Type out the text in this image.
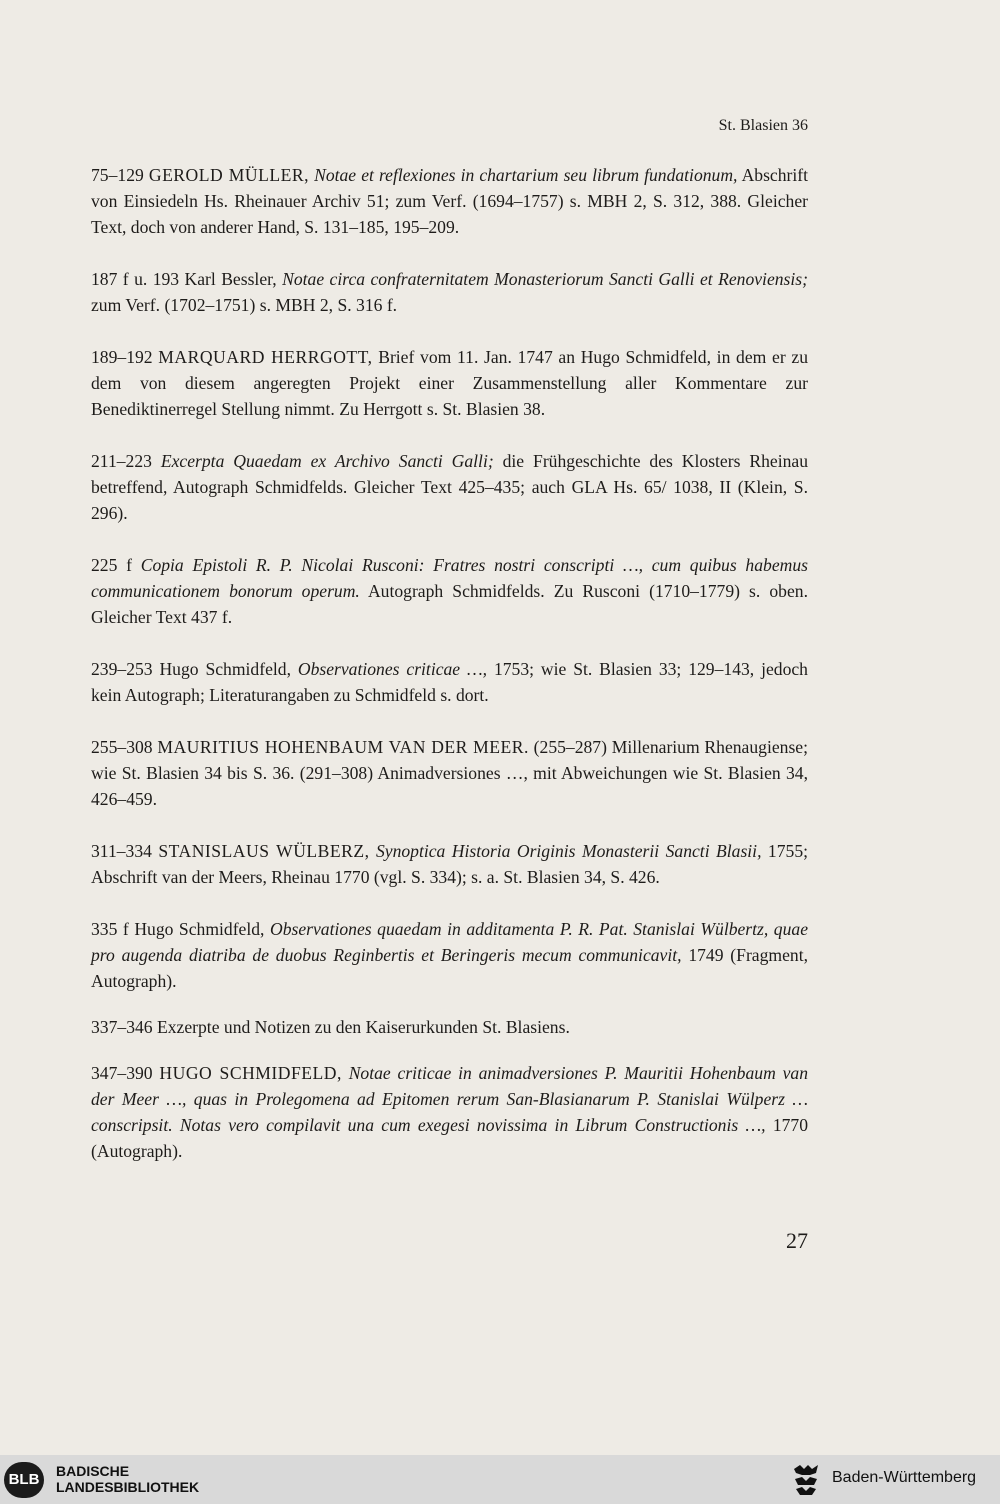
St. Blasien 36

75–129 GEROLD MÜLLER, Notae et reflexiones in chartarium seu librum fundationum, Abschrift von Einsiedeln Hs. Rheinauer Archiv 51; zum Verf. (1694–1757) s. MBH 2, S. 312, 388. Gleicher Text, doch von anderer Hand, S. 131–185, 195–209.

187 f u. 193 Karl Bessler, Notae circa confraternitatem Monasteriorum Sancti Galli et Renoviensis; zum Verf. (1702–1751) s. MBH 2, S. 316 f.

189–192 MARQUARD HERRGOTT, Brief vom 11. Jan. 1747 an Hugo Schmidfeld, in dem er zu dem von diesem angeregten Projekt einer Zusammenstellung aller Kommentare zur Benediktinerregel Stellung nimmt. Zu Herrgott s. St. Blasien 38.

211–223 Excerpta Quaedam ex Archivo Sancti Galli; die Frühgeschichte des Klosters Rheinau betreffend, Autograph Schmidfelds. Gleicher Text 425–435; auch GLA Hs. 65/ 1038, II (Klein, S. 296).

225 f Copia Epistoli R. P. Nicolai Rusconi: Fratres nostri conscripti …, cum quibus habemus communicationem bonorum operum. Autograph Schmidfelds. Zu Rusconi (1710–1779) s. oben. Gleicher Text 437 f.

239–253 Hugo Schmidfeld, Observationes criticae …, 1753; wie St. Blasien 33; 129–143, jedoch kein Autograph; Literaturangaben zu Schmidfeld s. dort.

255–308 MAURITIUS HOHENBAUM VAN DER MEER. (255–287) Millenarium Rhenaugiense; wie St. Blasien 34 bis S. 36. (291–308) Animadversiones …, mit Abweichungen wie St. Blasien 34, 426–459.

311–334 STANISLAUS WÜLBERZ, Synoptica Historia Originis Monasterii Sancti Blasii, 1755; Abschrift van der Meers, Rheinau 1770 (vgl. S. 334); s. a. St. Blasien 34, S. 426.

335 f Hugo Schmidfeld, Observationes quaedam in additamenta P. R. Pat. Stanislai Wülbertz, quae pro augenda diatriba de duobus Reginbertis et Beringeris mecum communicavit, 1749 (Fragment, Autograph).

337–346 Exzerpte und Notizen zu den Kaiserurkunden St. Blasiens.

347–390 HUGO SCHMIDFELD, Notae criticae in animadversiones P. Mauritii Hohenbaum van der Meer …, quas in Prolegomena ad Epitomen rerum San-Blasianarum P. Stanislai Wülperz … conscripsit. Notas vero compilavit una cum exegesi novissima in Librum Constructionis …, 1770 (Autograph).

27
BLB	BADISCHE
LANDESBIBLIOTHEK
Baden-Württemberg
